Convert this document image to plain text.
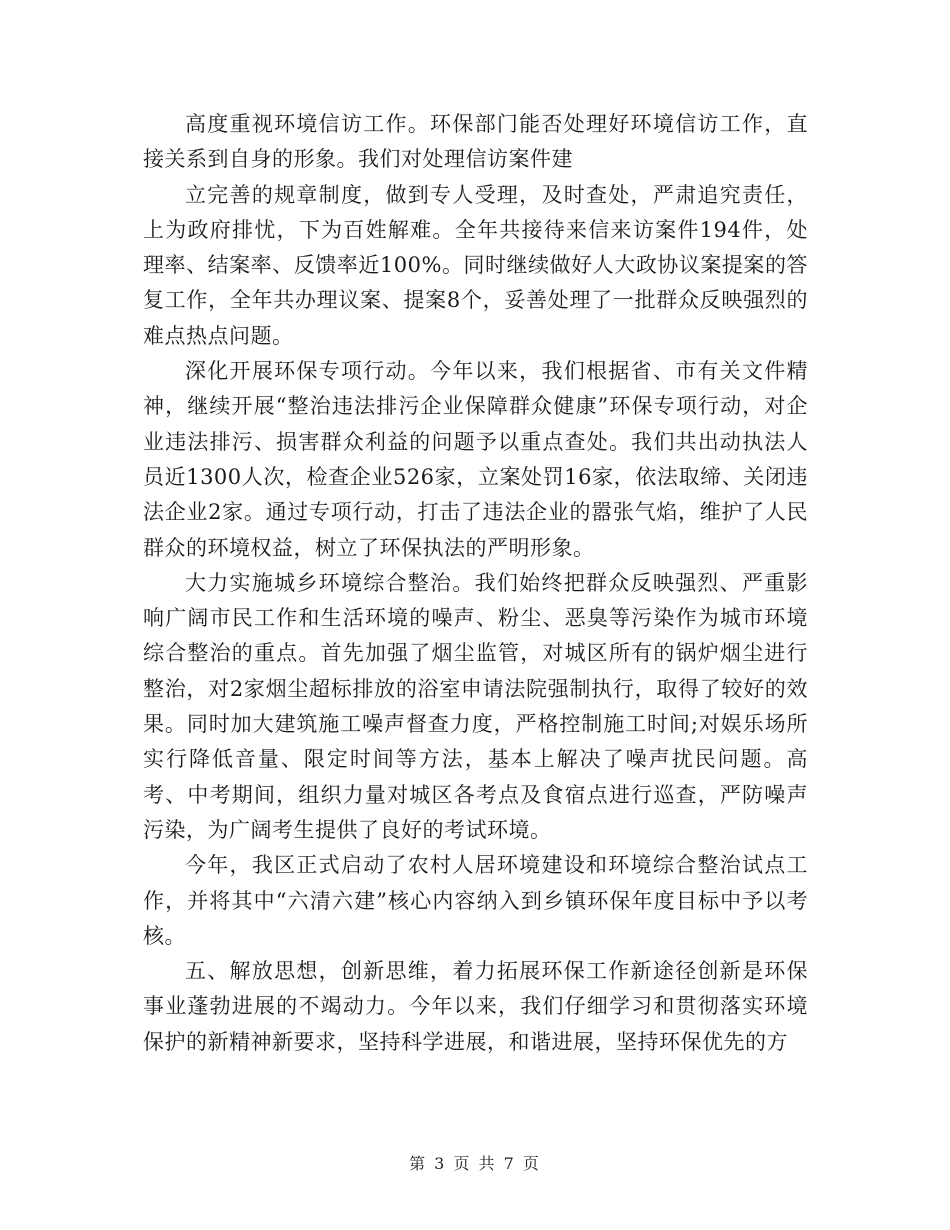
高度重视环境信访工作。环保部门能否处理好环境信访工作，直接关系到自身的形象。我们对处理信访案件建

立完善的规章制度，做到专人受理，及时查处，严肃追究责任，上为政府排忧，下为百姓解难。全年共接待来信来访案件194件，处理率、结案率、反馈率近100%。同时继续做好人大政协议案提案的答复工作，全年共办理议案、提案8个，妥善处理了一批群众反映强烈的难点热点问题。

深化开展环保专项行动。今年以来，我们根据省、市有关文件精神，继续开展“整治违法排污企业保障群众健康”环保专项行动，对企业违法排污、损害群众利益的问题予以重点查处。我们共出动执法人员近1300人次，检查企业526家，立案处罚16家，依法取缔、关闭违法企业2家。通过专项行动，打击了违法企业的嚣张气焰，维护了人民群众的环境权益，树立了环保执法的严明形象。

大力实施城乡环境综合整治。我们始终把群众反映强烈、严重影响广阔市民工作和生活环境的噪声、粉尘、恶臭等污染作为城市环境综合整治的重点。首先加强了烟尘监管，对城区所有的锅炉烟尘进行整治，对2家烟尘超标排放的浴室申请法院强制执行，取得了较好的效果。同时加大建筑施工噪声督查力度，严格控制施工时间;对娱乐场所实行降低音量、限定时间等方法，基本上解决了噪声扰民问题。高考、中考期间，组织力量对城区各考点及食宿点进行巡查，严防噪声污染，为广阔考生提供了良好的考试环境。

今年，我区正式启动了农村人居环境建设和环境综合整治试点工作，并将其中“六清六建”核心内容纳入到乡镇环保年度目标中予以考核。

五、解放思想，创新思维，着力拓展环保工作新途径创新是环保事业蓬勃进展的不竭动力。今年以来，我们仔细学习和贯彻落实环境保护的新精神新要求，坚持科学进展，和谐进展，坚持环保优先的方

第 3 页 共 7 页
